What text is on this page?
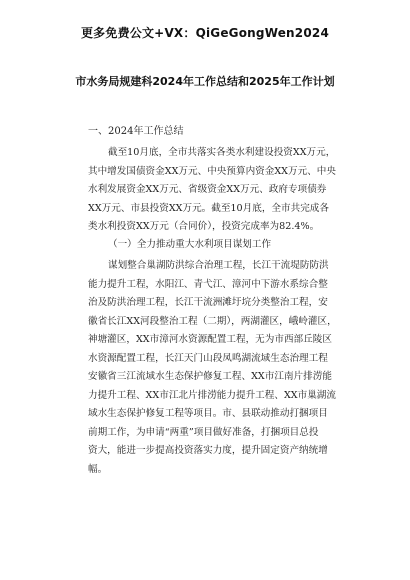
更多免费公文+VX：QiGeGongWen2024
市水务局规建科2024年工作总结和2025年工作计划
一、2024年工作总结
截至10月底，全市共落实各类水利建设投资XX万元，
其中增发国债资金XX万元、中央预算内资金XX万元、中央
水利发展资金XX万元、省级资金XX万元、政府专项债券
XX万元、市县投资XX万元。截至10月底，全市共完成各
类水利投资XX万元（合同价），投资完成率为82.4%。
（一）全力推动重大水利项目谋划工作
谋划整合巢湖防洪综合治理工程，长江干流堤防防洪
能力提升工程，水阳江、青弋江、漳河中下游水系综合整
治及防洪治理工程，长江干流洲滩圩垸分类整治工程，安
徽省长江XX河段整治工程（二期），两湖灌区，峨岭灌区，
神塘灌区，XX市漳河水资源配置工程，无为市西部丘陵区
水资源配置工程，长江天门山段凤鸣湖流域生态治理工程
安徽省三江流域水生态保护修复工程、XX市江南片排涝能
力提升工程、XX市江北片排涝能力提升工程、XX市巢湖流
域水生态保护修复工程等项目。市、县联动推动打捆项目
前期工作，为申请“两重”项目做好准备，打捆项目总投
资大，能进一步提高投资落实力度，提升固定资产纳统增
幅。
